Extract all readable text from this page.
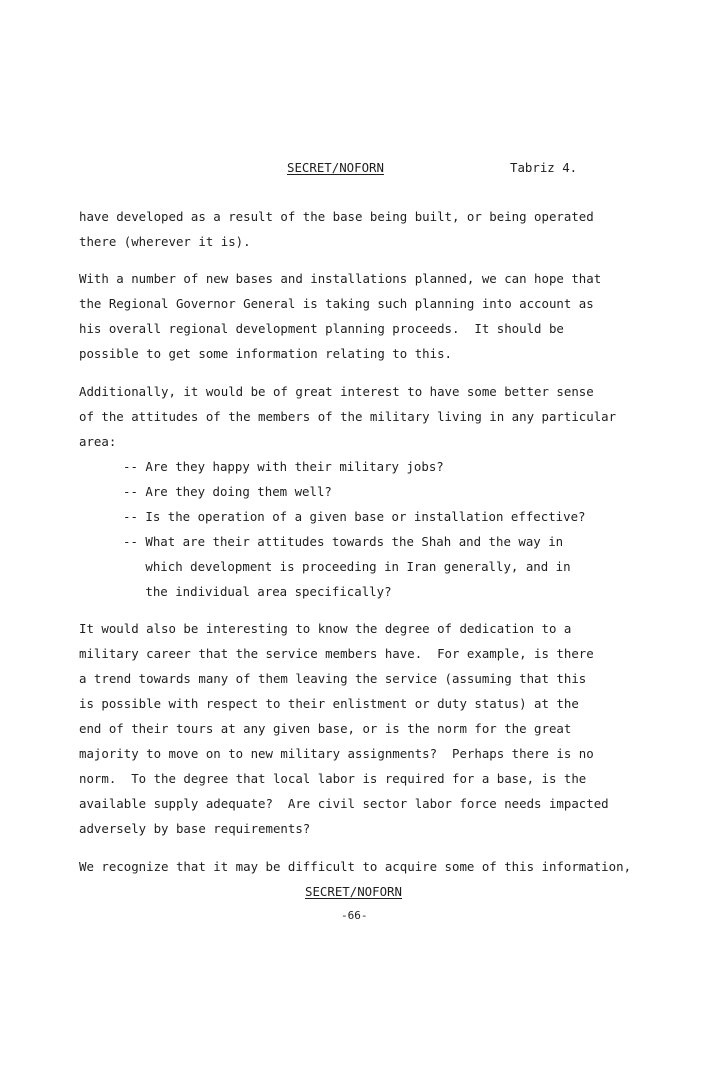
SECRET/NOFORN	Tabriz 4.
have developed as a result of the base being built, or being operated
there (wherever it is).
With a number of new bases and installations planned, we can hope that
the Regional Governor General is taking such planning into account as
his overall regional development planning proceeds.  It should be
possible to get some information relating to this.
Additionally, it would be of great interest to have some better sense
of the attitudes of the members of the military living in any particular
area:
-- Are they happy with their military jobs?
-- Are they doing them well?
-- Is the operation of a given base or installation effective?
-- What are their attitudes towards the Shah and the way in
which development is proceeding in Iran generally, and in
the individual area specifically?
It would also be interesting to know the degree of dedication to a
military career that the service members have.  For example, is there
a trend towards many of them leaving the service (assuming that this
is possible with respect to their enlistment or duty status) at the
end of their tours at any given base, or is the norm for the great
majority to move on to new military assignments?  Perhaps there is no
norm.  To the degree that local labor is required for a base, is the
available supply adequate?  Are civil sector labor force needs impacted
adversely by base requirements?
We recognize that it may be difficult to acquire some of this information,
SECRET/NOFORN
-66-
